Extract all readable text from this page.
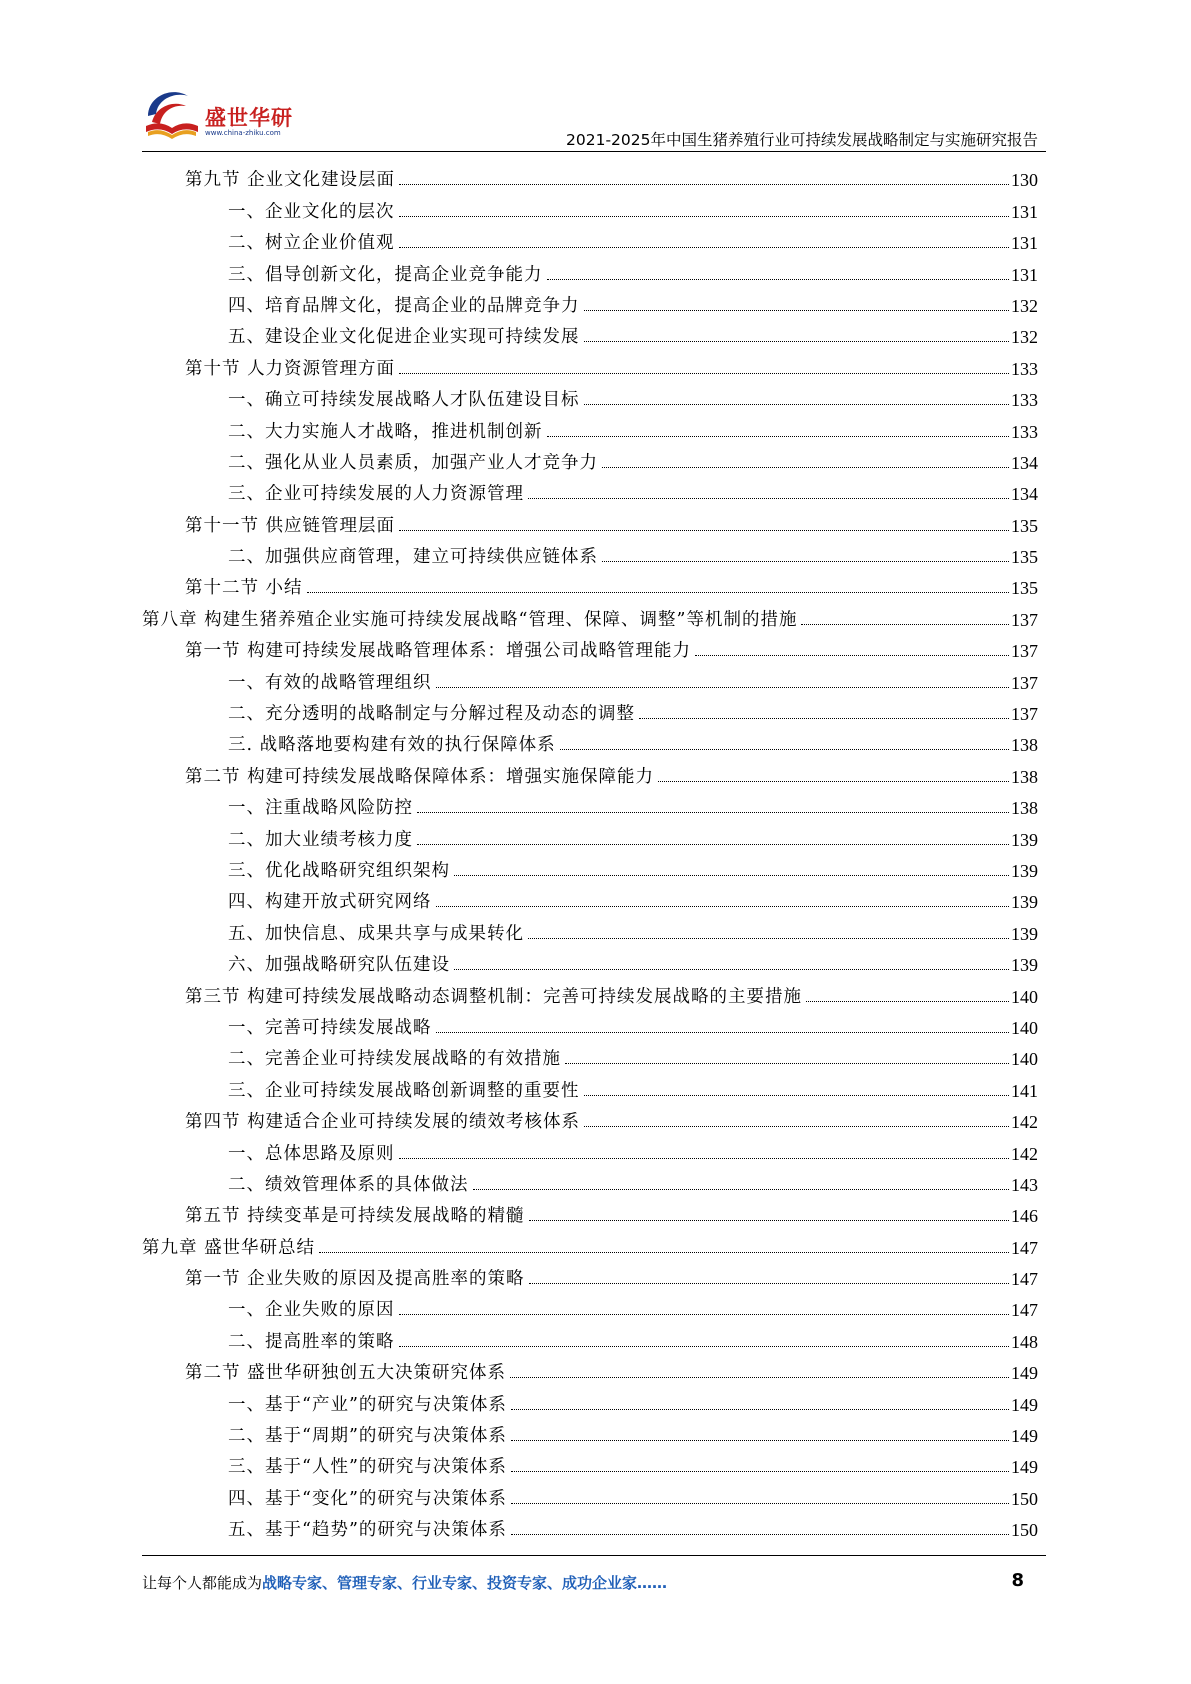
盛世华研
www.china-zhiku.com	2021-2025年中国生猪养殖行业可持续发展战略制定与实施研究报告
第九节 企业文化建设层面	130
一、企业文化的层次	131
二、树立企业价值观	131
三、倡导创新文化，提高企业竞争能力	131
四、培育品牌文化，提高企业的品牌竞争力	132
五、建设企业文化促进企业实现可持续发展	132
第十节 人力资源管理方面	133
一、确立可持续发展战略人才队伍建设目标	133
二、大力实施人才战略，推进机制创新	133
二、强化从业人员素质，加强产业人才竞争力	134
三、企业可持续发展的人力资源管理	134
第十一节 供应链管理层面	135
二、加强供应商管理，建立可持续供应链体系	135
第十二节 小结	135
第八章 构建生猪养殖企业实施可持续发展战略“管理、保障、调整”等机制的措施	137
第一节 构建可持续发展战略管理体系：增强公司战略管理能力	137
一、有效的战略管理组织	137
二、充分透明的战略制定与分解过程及动态的调整	137
三. 战略落地要构建有效的执行保障体系	138
第二节 构建可持续发展战略保障体系：增强实施保障能力	138
一、注重战略风险防控	138
二、加大业绩考核力度	139
三、优化战略研究组织架构	139
四、构建开放式研究网络	139
五、加快信息、成果共享与成果转化	139
六、加强战略研究队伍建设	139
第三节 构建可持续发展战略动态调整机制：完善可持续发展战略的主要措施	140
一、完善可持续发展战略	140
二、完善企业可持续发展战略的有效措施	140
三、企业可持续发展战略创新调整的重要性	141
第四节 构建适合企业可持续发展的绩效考核体系	142
一、总体思路及原则	142
二、绩效管理体系的具体做法	143
第五节 持续变革是可持续发展战略的精髓	146
第九章 盛世华研总结	147
第一节 企业失败的原因及提高胜率的策略	147
一、企业失败的原因	147
二、提高胜率的策略	148
第二节 盛世华研独创五大决策研究体系	149
一、基于“产业”的研究与决策体系	149
二、基于“周期”的研究与决策体系	149
三、基于“人性”的研究与决策体系	149
四、基于“变化”的研究与决策体系	150
五、基于“趋势”的研究与决策体系	150
让每个人都能成为战略专家、管理专家、行业专家、投资专家、成功企业家……	8
